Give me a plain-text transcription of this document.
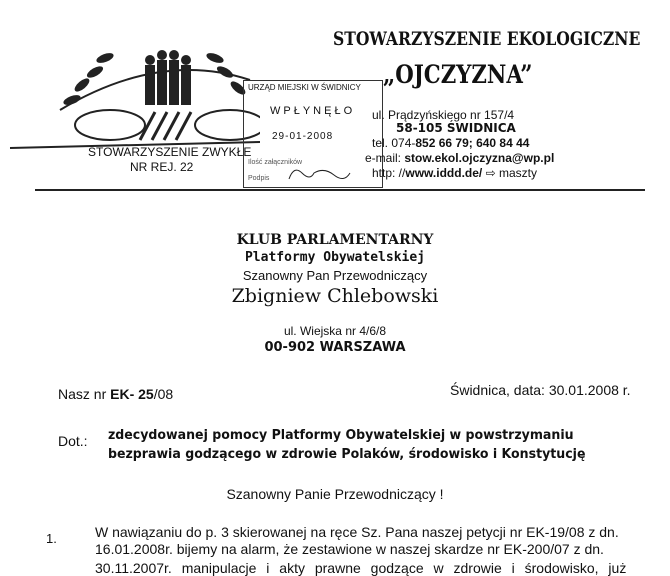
STOWARZYSZENIE ZWYKŁE
NR REJ. 22
URZĄD MIEJSKI W ŚWIDNICY
WPŁYNĘŁO
29-01-2008
Ilość załączników
Podpis
STOWARZYSZENIE EKOLOGICZNE
„OJCZYZNA”
ul. Prądzyńskiego nr 157/4
58-105 ŚWIDNICA
tel. 074-852 66 79; 640 84 44
e-mail: stow.ekol.ojczyzna@wp.pl
http: //www.iddd.de/ ⇨ maszty
KLUB PARLAMENTARNY
Platformy Obywatelskiej
Szanowny Pan Przewodniczący
Zbigniew Chlebowski
ul. Wiejska nr 4/6/8
00-902 WARSZAWA
Nasz nr EK- 25/08	Świdnica, data: 30.01.2008 r.
Dot.: zdecydowanej pomocy Platformy Obywatelskiej w powstrzymaniu
bezprawia godzącego w zdrowie Polaków, środowisko i Konstytucję
Szanowny Panie Przewodniczący !
1.	W nawiązaniu do p. 3 skierowanej na ręce Sz. Pana naszej petycji nr EK-19/08 z dn.
16.01.2008r. bijemy na alarm, że zestawione w naszej skardze nr EK-200/07 z dn.
30.11.2007r. manipulacje i akty prawne godzące w zdrowie i środowisko, już
